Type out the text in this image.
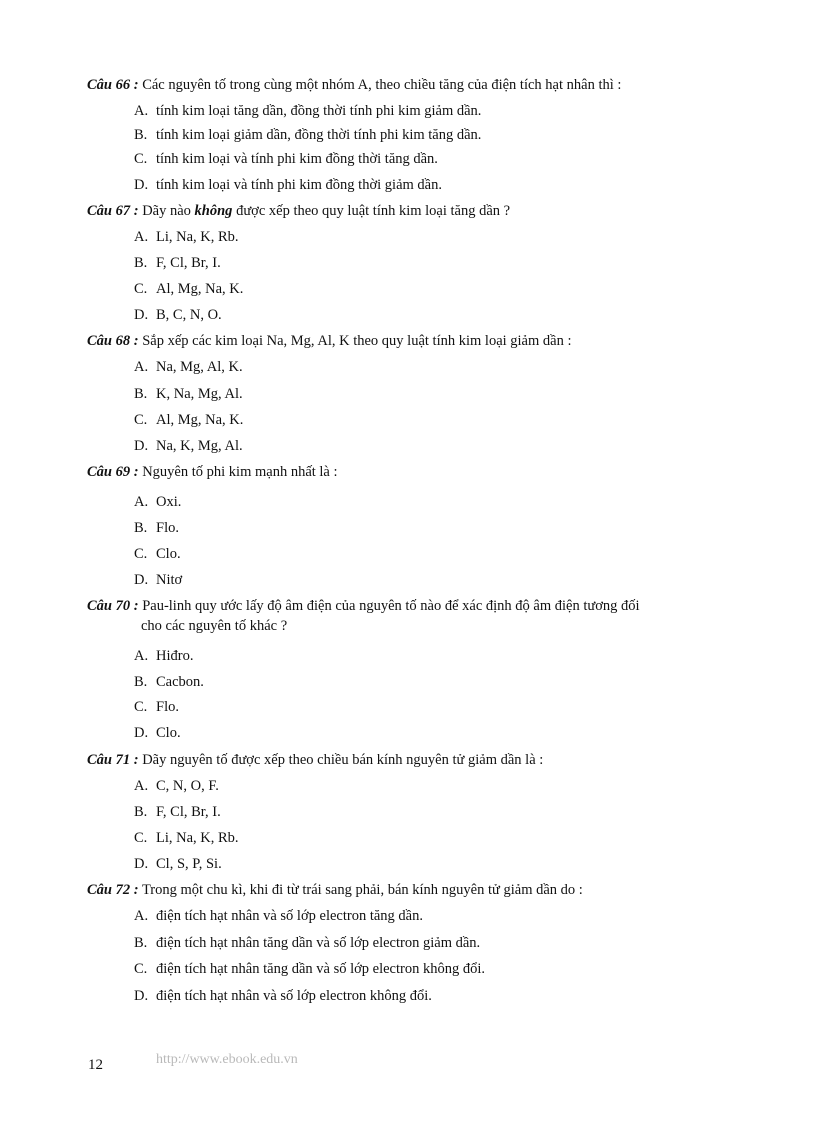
Câu 66 : Các nguyên tố trong cùng một nhóm A, theo chiều tăng của điện tích hạt nhân thì :
A. tính kim loại tăng dần, đồng thời tính phi kim giảm dần.
B. tính kim loại giảm dần, đồng thời tính phi kim tăng dần.
C. tính kim loại và tính phi kim đồng thời tăng dần.
D. tính kim loại và tính phi kim đồng thời giảm dần.
Câu 67 : Dãy nào không được xếp theo quy luật tính kim loại tăng dần ?
A. Li, Na, K, Rb.
B. F, Cl, Br, I.
C. Al, Mg, Na, K.
D. B, C, N, O.
Câu 68 : Sắp xếp các kim loại Na, Mg, Al, K theo quy luật tính kim loại giảm dần :
A. Na, Mg, Al, K.
B. K, Na, Mg, Al.
C. Al, Mg, Na, K.
D. Na, K, Mg, Al.
Câu 69 : Nguyên tố phi kim mạnh nhất là :
A. Oxi.
B. Flo.
C. Clo.
D. Nitơ
Câu 70 : Pau-linh quy ước lấy độ âm điện của nguyên tố nào để xác định độ âm điện tương đối
cho các nguyên tố khác ?
A. Hiđro.
B. Cacbon.
C. Flo.
D. Clo.
Câu 71 : Dãy nguyên tố được xếp theo chiều bán kính nguyên tử giảm dần là :
A. C, N, O, F.
B. F, Cl, Br, I.
C. Li, Na, K, Rb.
D. Cl, S, P, Si.
Câu 72 : Trong một chu kì, khi đi từ trái sang phải, bán kính nguyên tử giảm dần do :
A. điện tích hạt nhân và số lớp electron tăng dần.
B. điện tích hạt nhân tăng dần và số lớp electron giảm dần.
C. điện tích hạt nhân tăng dần và số lớp electron không đổi.
D. điện tích hạt nhân và số lớp electron không đổi.
12	http://www.ebook.edu.vn
